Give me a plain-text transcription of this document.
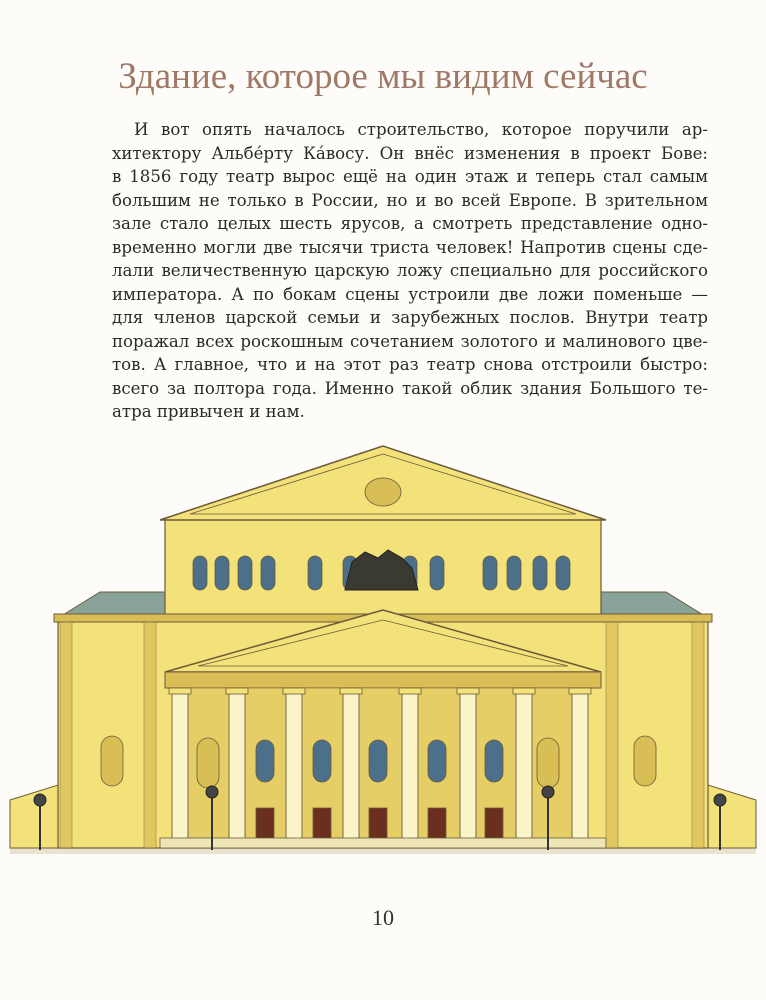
Здание, которое мы видим сейчас
И вот опять началось строительство, которое поручили ар-
хитектору Альбе́рту Ка́восу. Он внёс изменения в проект Бове:
в 1856 году театр вырос ещё на один этаж и теперь стал самым
большим не только в России, но и во всей Европе. В зрительном
зале стало целых шесть ярусов, а смотреть представление одно-
временно могли две тысячи триста человек! Напротив сцены сде-
лали величественную царскую ложу специально для российского
императора. А по бокам сцены устроили две ложи поменьше —
для членов царской семьи и зарубежных послов. Внутри театр
поражал всех роскошным сочетанием золотого и малинового цве-
тов. А главное, что и на этот раз театр снова отстроили быстро:
всего за полтора года. Именно такой облик здания Большого те-
атра привычен и нам.
10
